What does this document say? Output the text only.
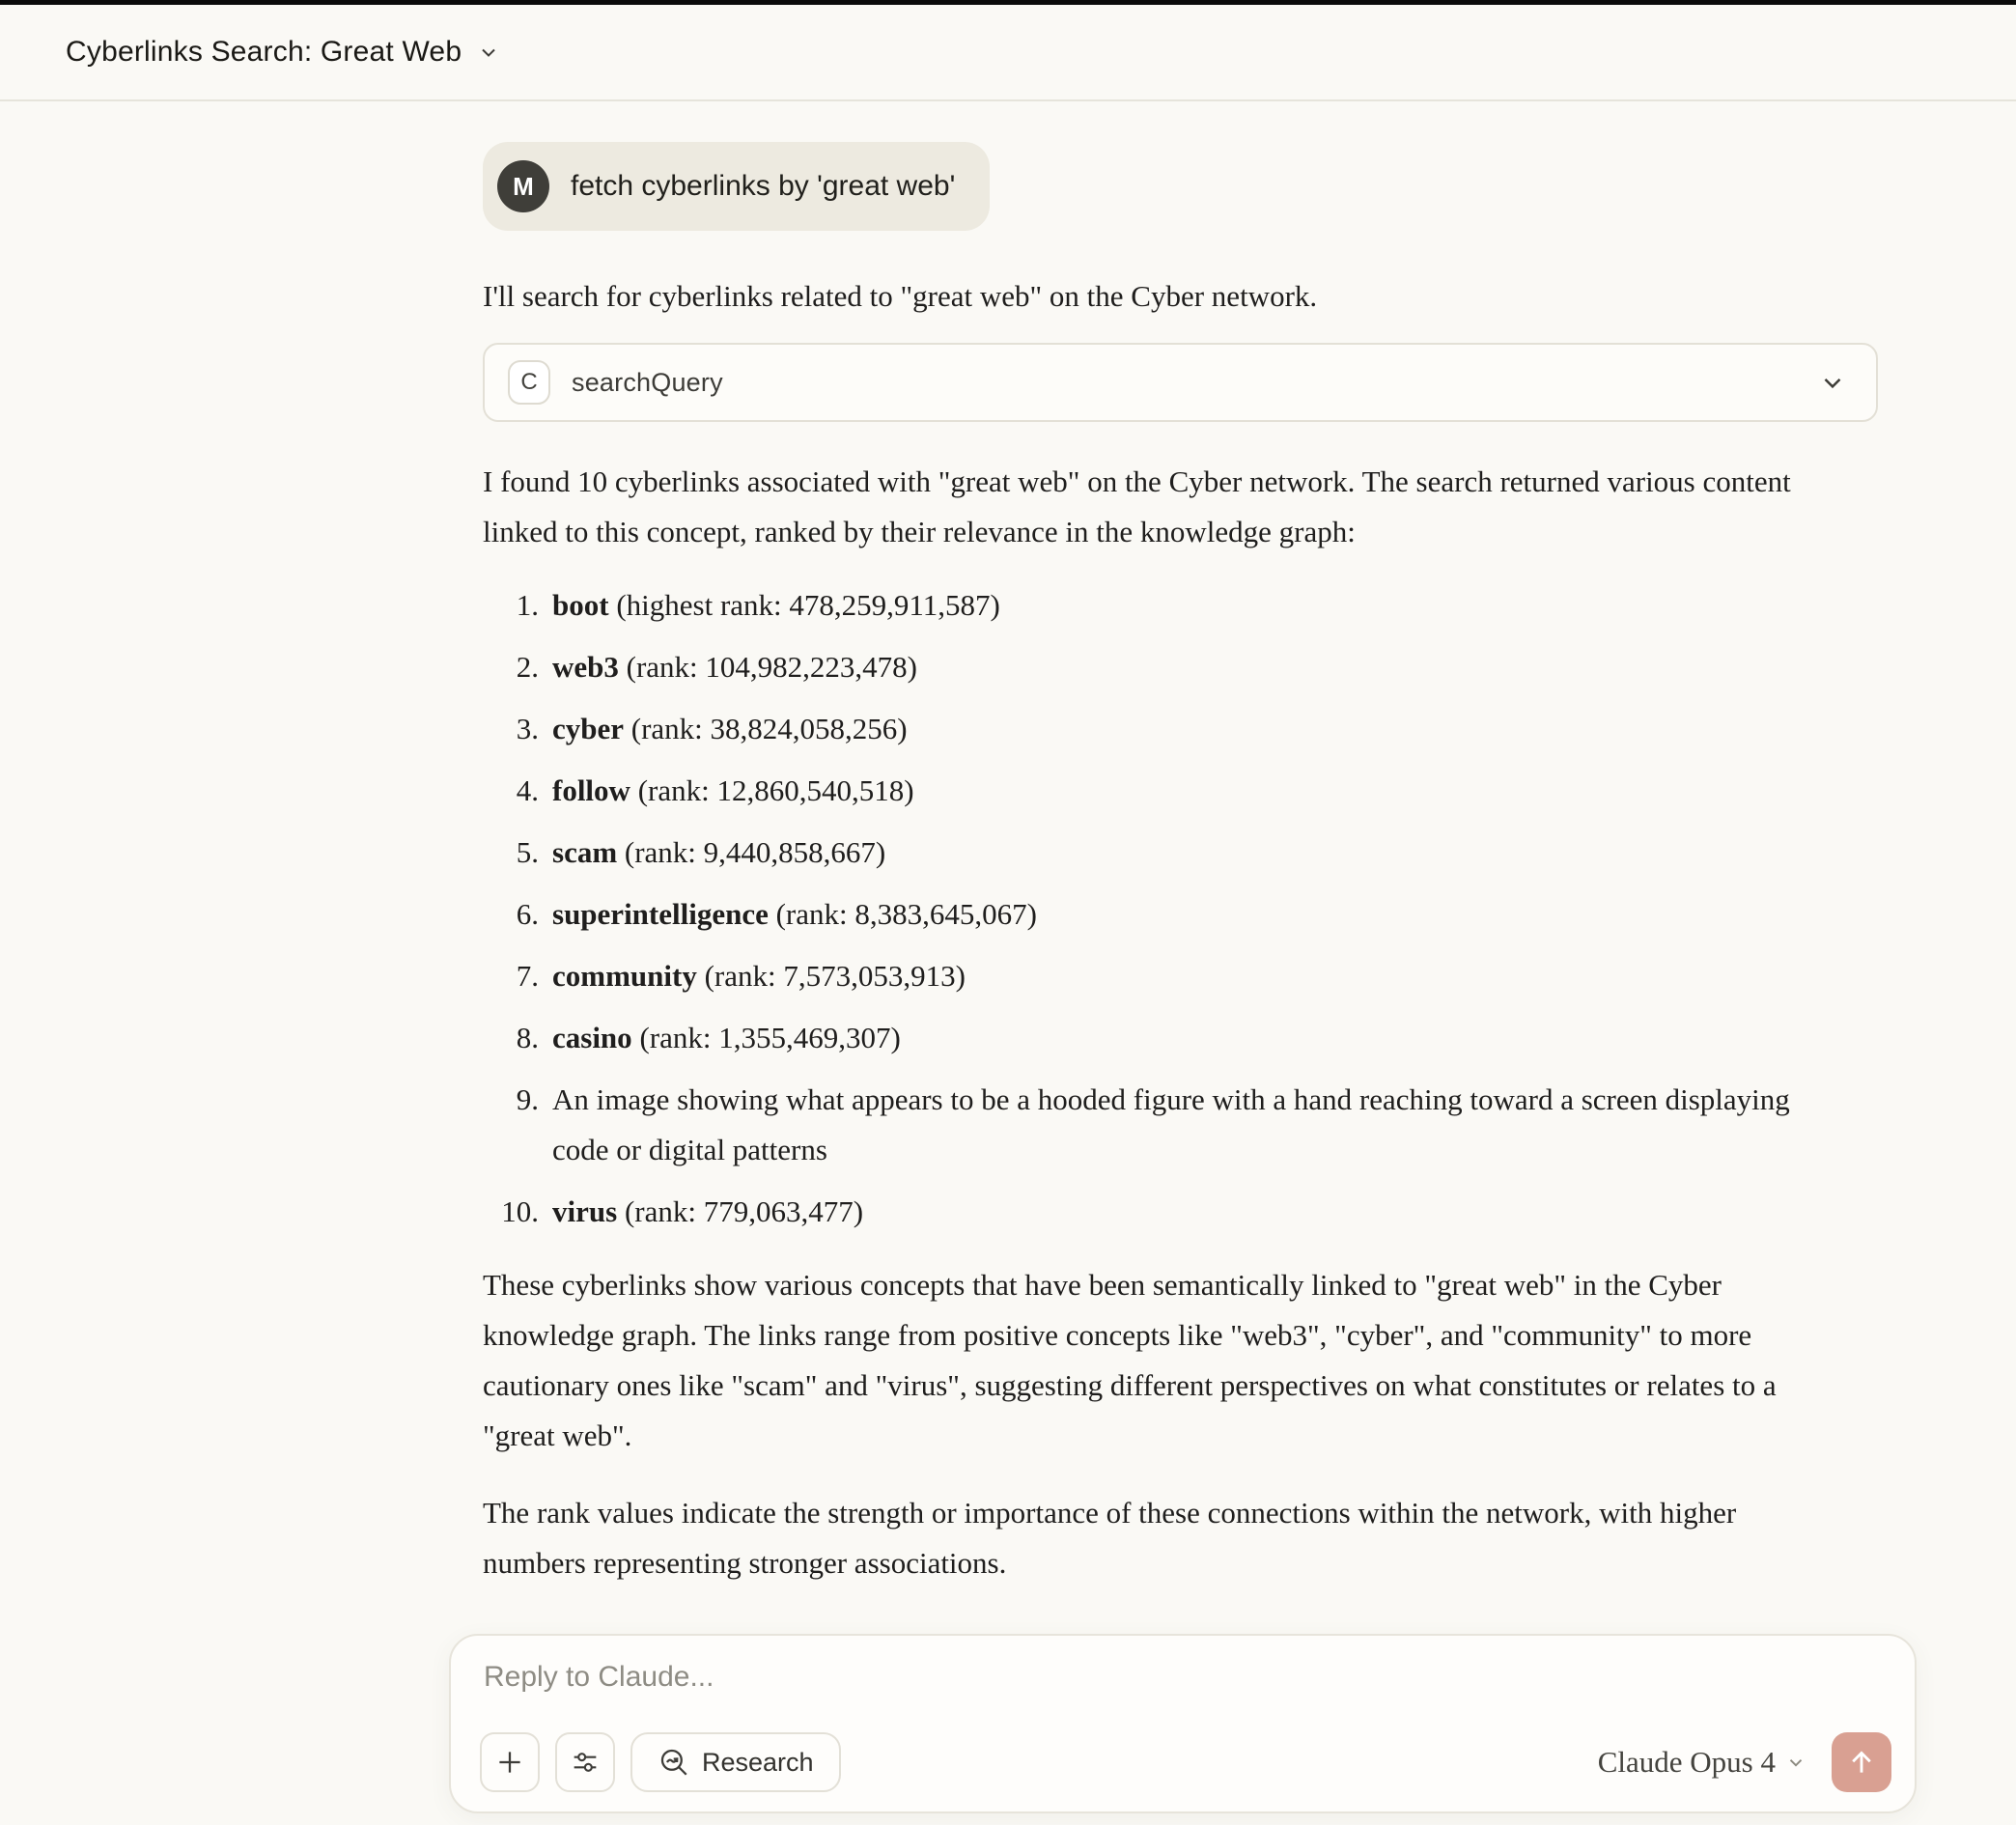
Cyberlinks Search: Great Web
M	fetch cyberlinks by 'great web'

I'll search for cyberlinks related to "great web" on the Cyber network.

C	searchQuery

I found 10 cyberlinks associated with "great web" on the Cyber network. The search returned various content linked to this concept, ranked by their relevance in the knowledge graph:

1. boot (highest rank: 478,259,911,587)
2. web3 (rank: 104,982,223,478)
3. cyber (rank: 38,824,058,256)
4. follow (rank: 12,860,540,518)
5. scam (rank: 9,440,858,667)
6. superintelligence (rank: 8,383,645,067)
7. community (rank: 7,573,053,913)
8. casino (rank: 1,355,469,307)
9. An image showing what appears to be a hooded figure with a hand reaching toward a screen displaying code or digital patterns
10. virus (rank: 779,063,477)

These cyberlinks show various concepts that have been semantically linked to "great web" in the Cyber knowledge graph. The links range from positive concepts like "web3", "cyber", and "community" to more cautionary ones like "scam" and "virus", suggesting different perspectives on what constitutes or relates to a "great web".

The rank values indicate the strength or importance of these connections within the network, with higher numbers representing stronger associations.

Reply to Claude...
Research	Claude Opus 4
